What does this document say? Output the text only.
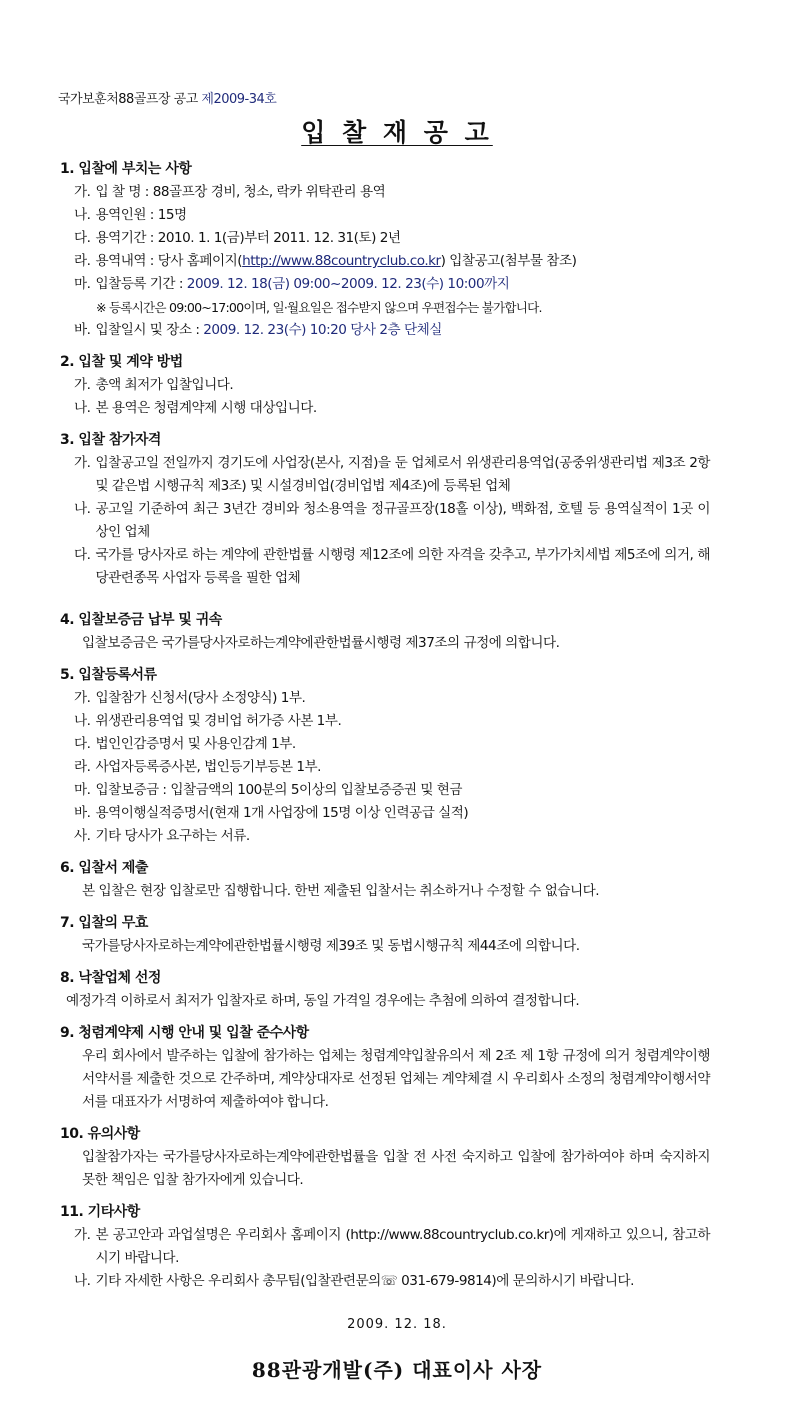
국가보훈처88골프장 공고 제2009-34호
입 찰 재 공 고
1. 입찰에 부치는 사항
가. 입 찰 명 : 88골프장 경비, 청소, 락카 위탁관리 용역
나. 용역인원 : 15명
다. 용역기간 : 2010. 1. 1(금)부터 2011. 12. 31(토) 2년
라. 용역내역 : 당사 홈페이지(http://www.88countryclub.co.kr) 입찰공고(첨부물 참조)
마. 입찰등록 기간 : 2009. 12. 18(금) 09:00~2009. 12. 23(수) 10:00까지
※ 등록시간은 09:00~17:00이며, 일·월요일은 접수받지 않으며 우편접수는 불가합니다.
바. 입찰일시 및 장소 : 2009. 12. 23(수) 10:20 당사 2층 단체실
2. 입찰 및 계약 방법
가. 총액 최저가 입찰입니다.
나. 본 용역은 청렴계약제 시행 대상입니다.
3. 입찰 참가자격
가. 입찰공고일 전일까지 경기도에 사업장(본사, 지점)을 둔 업체로서 위생관리용역업(공중위생관리법 제3조 2항 및 같은법 시행규칙 제3조) 및 시설경비업(경비업법 제4조)에 등록된 업체
나. 공고일 기준하여 최근 3년간 경비와 청소용역을 정규골프장(18홀 이상), 백화점, 호텔 등 용역실적이 1곳 이상인 업체
다. 국가를 당사자로 하는 계약에 관한법률 시행령 제12조에 의한 자격을 갖추고, 부가가치세법 제5조에 의거, 해당관련종목 사업자 등록을 필한 업체
4. 입찰보증금 납부 및 귀속
입찰보증금은 국가를당사자로하는계약에관한법률시행령 제37조의 규정에 의합니다.
5. 입찰등록서류
가. 입찰참가 신청서(당사 소정양식) 1부.
나. 위생관리용역업 및 경비업 허가증 사본 1부.
다. 법인인감증명서 및 사용인감계 1부.
라. 사업자등록증사본, 법인등기부등본 1부.
마. 입찰보증금 : 입찰금액의 100분의 5이상의 입찰보증증권 및 현금
바. 용역이행실적증명서(현재 1개 사업장에 15명 이상 인력공급 실적)
사. 기타 당사가 요구하는 서류.
6. 입찰서 제출
본 입찰은 현장 입찰로만 집행합니다. 한번 제출된 입찰서는 취소하거나 수정할 수 없습니다.
7. 입찰의 무효
국가를당사자로하는계약에관한법률시행령 제39조 및 동법시행규칙 제44조에 의합니다.
8. 낙찰업체 선정
예정가격 이하로서 최저가 입찰자로 하며, 동일 가격일 경우에는 추첨에 의하여 결정합니다.
9. 청렴계약제 시행 안내 및 입찰 준수사항
우리 회사에서 발주하는 입찰에 참가하는 업체는 청렴계약입찰유의서 제 2조 제 1항 규정에 의거 청렴계약이행서약서를 제출한 것으로 간주하며, 계약상대자로 선정된 업체는 계약체결 시 우리회사 소정의 청렴계약이행서약서를 대표자가 서명하여 제출하여야 합니다.
10. 유의사항
입찰참가자는 국가를당사자로하는계약에관한법률을 입찰 전 사전 숙지하고 입찰에 참가하여야 하며 숙지하지 못한 책임은 입찰 참가자에게 있습니다.
11. 기타사항
가. 본 공고안과 과업설명은 우리회사 홈페이지 (http://www.88countryclub.co.kr)에 게재하고 있으니, 참고하시기 바랍니다.
나. 기타 자세한 사항은 우리회사 총무팀(입찰관련문의☏ 031-679-9814)에 문의하시기 바랍니다.
2009. 12. 18.
88관광개발(주) 대표이사 사장
